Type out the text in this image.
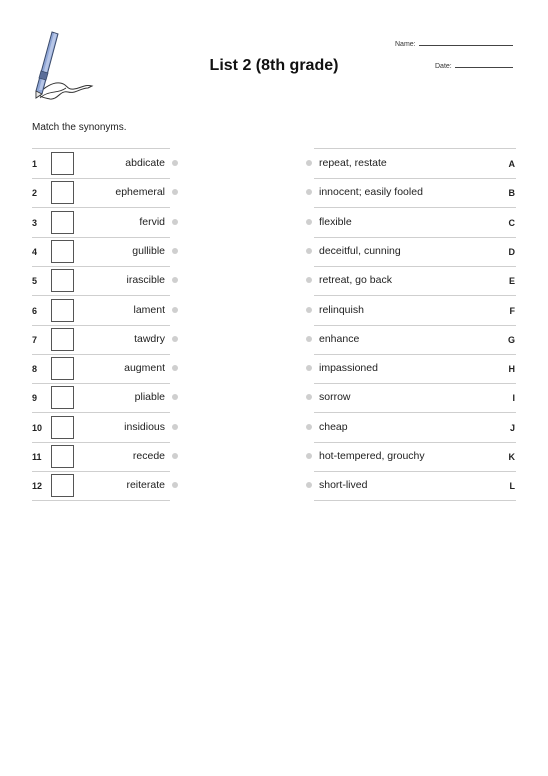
List 2 (8th grade)
Name:
Date:
Match the synonyms.
1	abdicate
2	ephemeral
3	fervid
4	gullible
5	irascible
6	lament
7	tawdry
8	augment
9	pliable
10	insidious
11	recede
12	reiterate
repeat, restate	A
innocent; easily fooled	B
flexible	C
deceitful, cunning	D
retreat, go back	E
relinquish	F
enhance	G
impassioned	H
sorrow	I
cheap	J
hot-tempered, grouchy	K
short-lived	L
